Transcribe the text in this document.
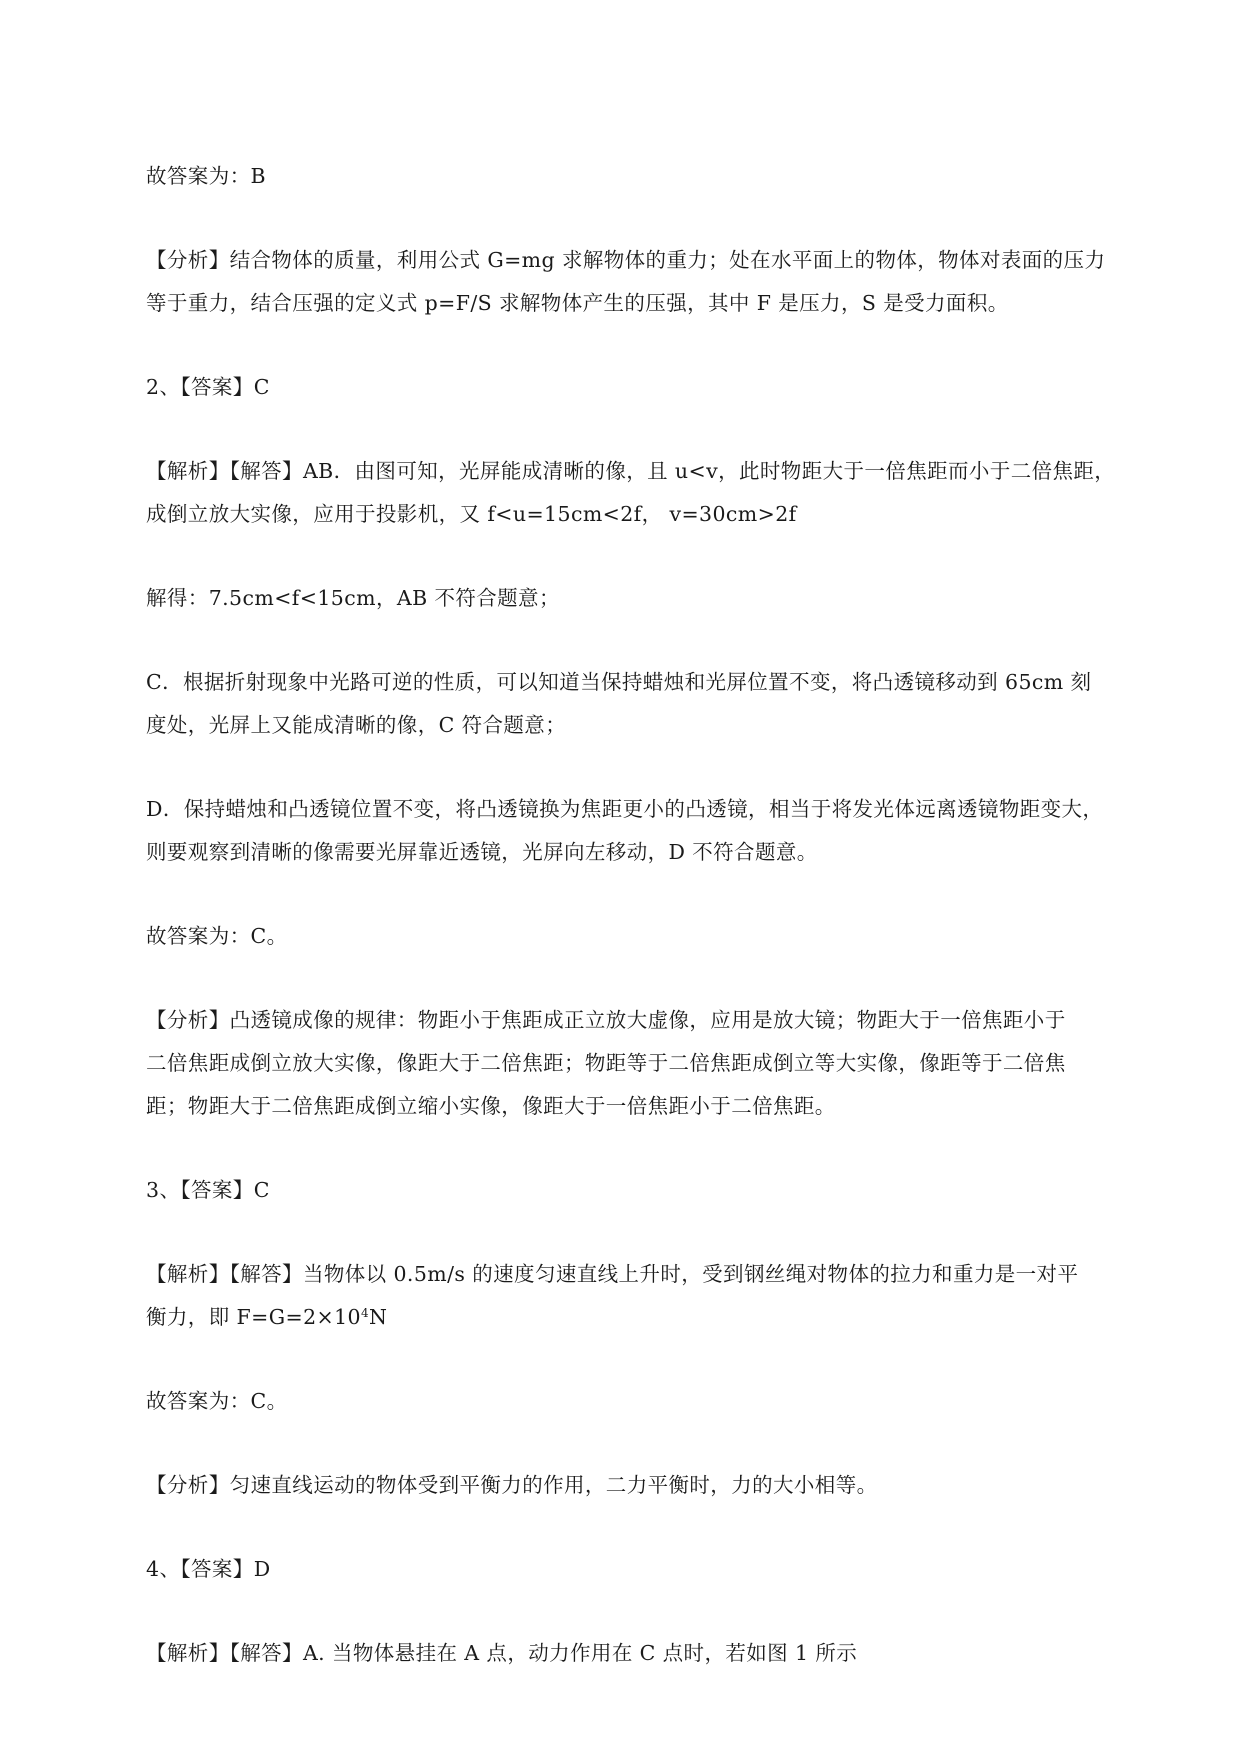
故答案为：B

【分析】结合物体的质量，利用公式 G=mg 求解物体的重力；处在水平面上的物体，物体对表面的压力
等于重力，结合压强的定义式 p=F/S 求解物体产生的压强，其中 F 是压力，S 是受力面积。

2、【答案】C

【解析】【解答】AB．由图可知，光屏能成清晰的像，且 u<v，此时物距大于一倍焦距而小于二倍焦距，
成倒立放大实像，应用于投影机，又 f<u=15cm<2f， v=30cm>2f

解得：7.5cm<f<15cm，AB 不符合题意；

C．根据折射现象中光路可逆的性质，可以知道当保持蜡烛和光屏位置不变，将凸透镜移动到 65cm 刻
度处，光屏上又能成清晰的像，C 符合题意；

D．保持蜡烛和凸透镜位置不变，将凸透镜换为焦距更小的凸透镜，相当于将发光体远离透镜物距变大，
则要观察到清晰的像需要光屏靠近透镜，光屏向左移动，D 不符合题意。

故答案为：C。

【分析】凸透镜成像的规律：物距小于焦距成正立放大虚像，应用是放大镜；物距大于一倍焦距小于
二倍焦距成倒立放大实像，像距大于二倍焦距；物距等于二倍焦距成倒立等大实像，像距等于二倍焦
距；物距大于二倍焦距成倒立缩小实像，像距大于一倍焦距小于二倍焦距。

3、【答案】C

【解析】【解答】当物体以 0.5m/s 的速度匀速直线上升时，受到钢丝绳对物体的拉力和重力是一对平
衡力，即 $F=G=2\times 10^4N$

故答案为：C。

【分析】匀速直线运动的物体受到平衡力的作用，二力平衡时，力的大小相等。

4、【答案】D

【解析】【解答】A. 当物体悬挂在 A 点，动力作用在 C 点时，若如图 1 所示
